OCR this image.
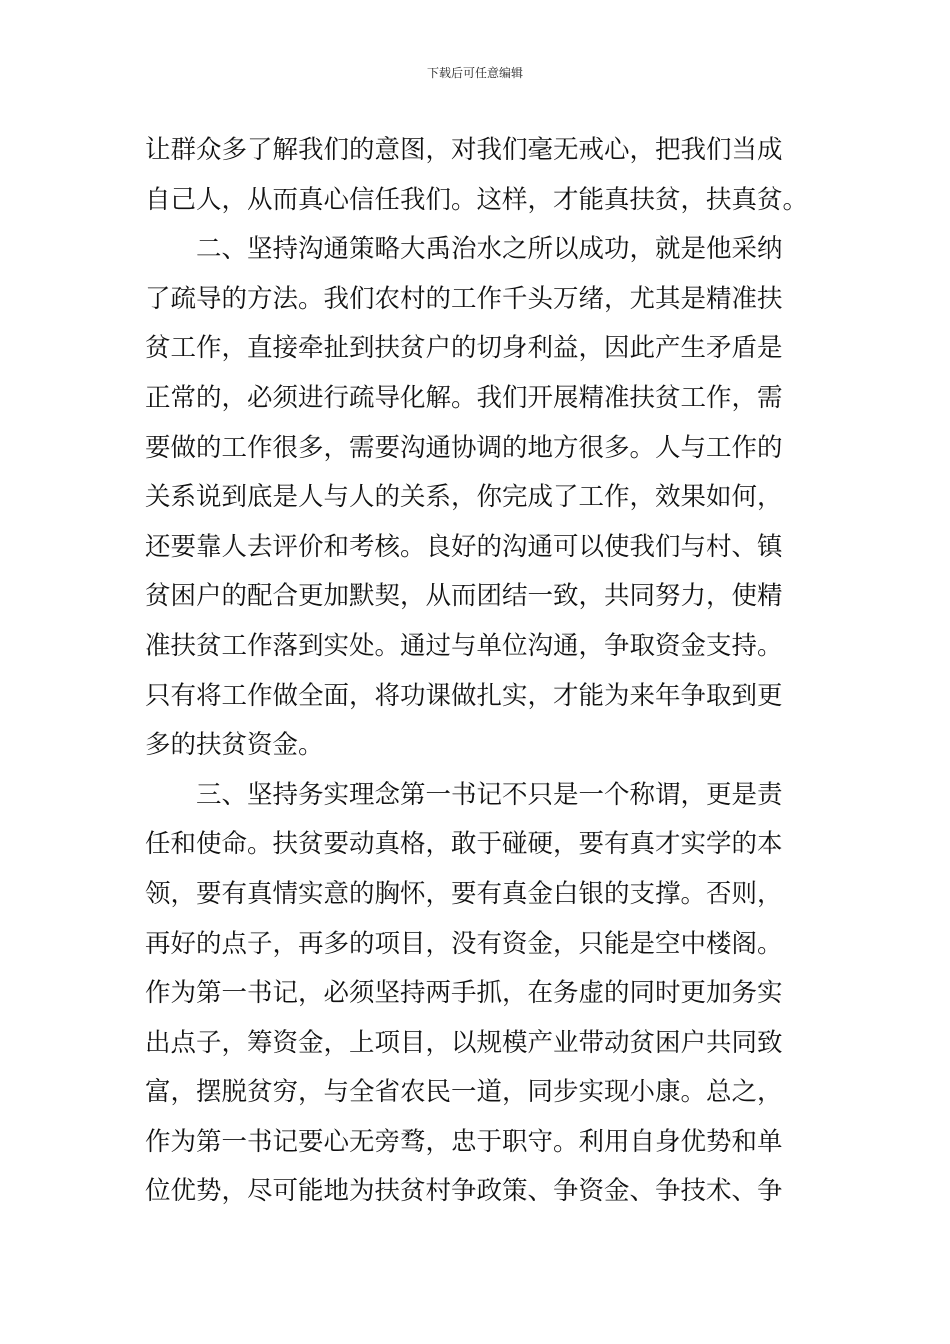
下载后可任意编辑
让群众多了解我们的意图，对我们毫无戒心，把我们当成
自己人，从而真心信任我们。这样，才能真扶贫，扶真贫。
　　二、坚持沟通策略大禹治水之所以成功，就是他采纳
了疏导的方法。我们农村的工作千头万绪，尤其是精准扶
贫工作，直接牵扯到扶贫户的切身利益，因此产生矛盾是
正常的，必须进行疏导化解。我们开展精准扶贫工作，需
要做的工作很多，需要沟通协调的地方很多。人与工作的
关系说到底是人与人的关系，你完成了工作，效果如何，
还要靠人去评价和考核。良好的沟通可以使我们与村、镇
贫困户的配合更加默契，从而团结一致，共同努力，使精
准扶贫工作落到实处。通过与单位沟通，争取资金支持。
只有将工作做全面，将功课做扎实，才能为来年争取到更
多的扶贫资金。
　　三、坚持务实理念第一书记不只是一个称谓，更是责
任和使命。扶贫要动真格，敢于碰硬，要有真才实学的本
领，要有真情实意的胸怀，要有真金白银的支撑。否则，
再好的点子，再多的项目，没有资金，只能是空中楼阁。
作为第一书记，必须坚持两手抓，在务虚的同时更加务实
出点子，筹资金，上项目，以规模产业带动贫困户共同致
富，摆脱贫穷，与全省农民一道，同步实现小康。总之，
作为第一书记要心无旁骛，忠于职守。利用自身优势和单
位优势，尽可能地为扶贫村争政策、争资金、争技术、争
